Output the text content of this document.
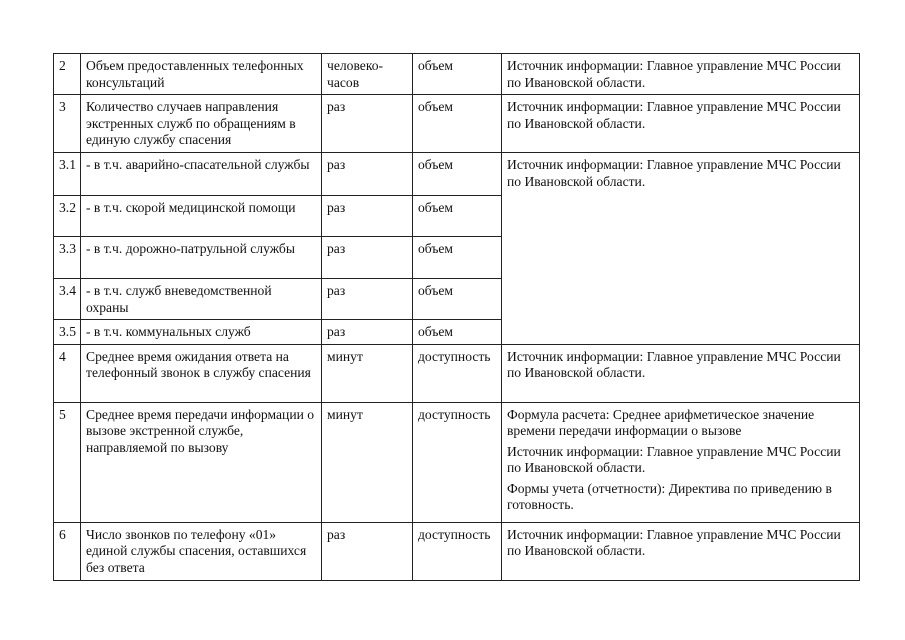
2	Объем предоставленных телефонных консультаций	человеко-часов	объем	Источник информации: Главное управление МЧС России по Ивановской области.
3	Количество случаев направления экстренных служб по обращениям в единую службу спасения	раз	объем	Источник информации: Главное управление МЧС России по Ивановской области.
3.1	- в т.ч. аварийно-спасательной службы	раз	объем	Источник информации: Главное управление МЧС России по Ивановской области.
3.2	- в т.ч. скорой медицинской помощи	раз	объем	
3.3	- в т.ч. дорожно-патрульной службы	раз	объем	
3.4	- в т.ч. служб вневедомственной охраны	раз	объем	
3.5	- в т.ч. коммунальных служб	раз	объем	
4	Среднее время ожидания ответа на телефонный звонок в службу спасения	минут	доступность	Источник информации: Главное управление МЧС России по Ивановской области.
5	Среднее время передачи информации о вызове экстренной службе, направляемой по вызову	минут	доступность	Формула расчета: Среднее арифметическое значение времени передачи информации о вызове
Источник информации: Главное управление МЧС России по Ивановской области.
Формы учета (отчетности): Директива по приведению в готовность.

6	Число звонков по телефону «01» единой службы спасения, оставшихся без ответа	раз	доступность	Источник информации: Главное управление МЧС России по Ивановской области.
